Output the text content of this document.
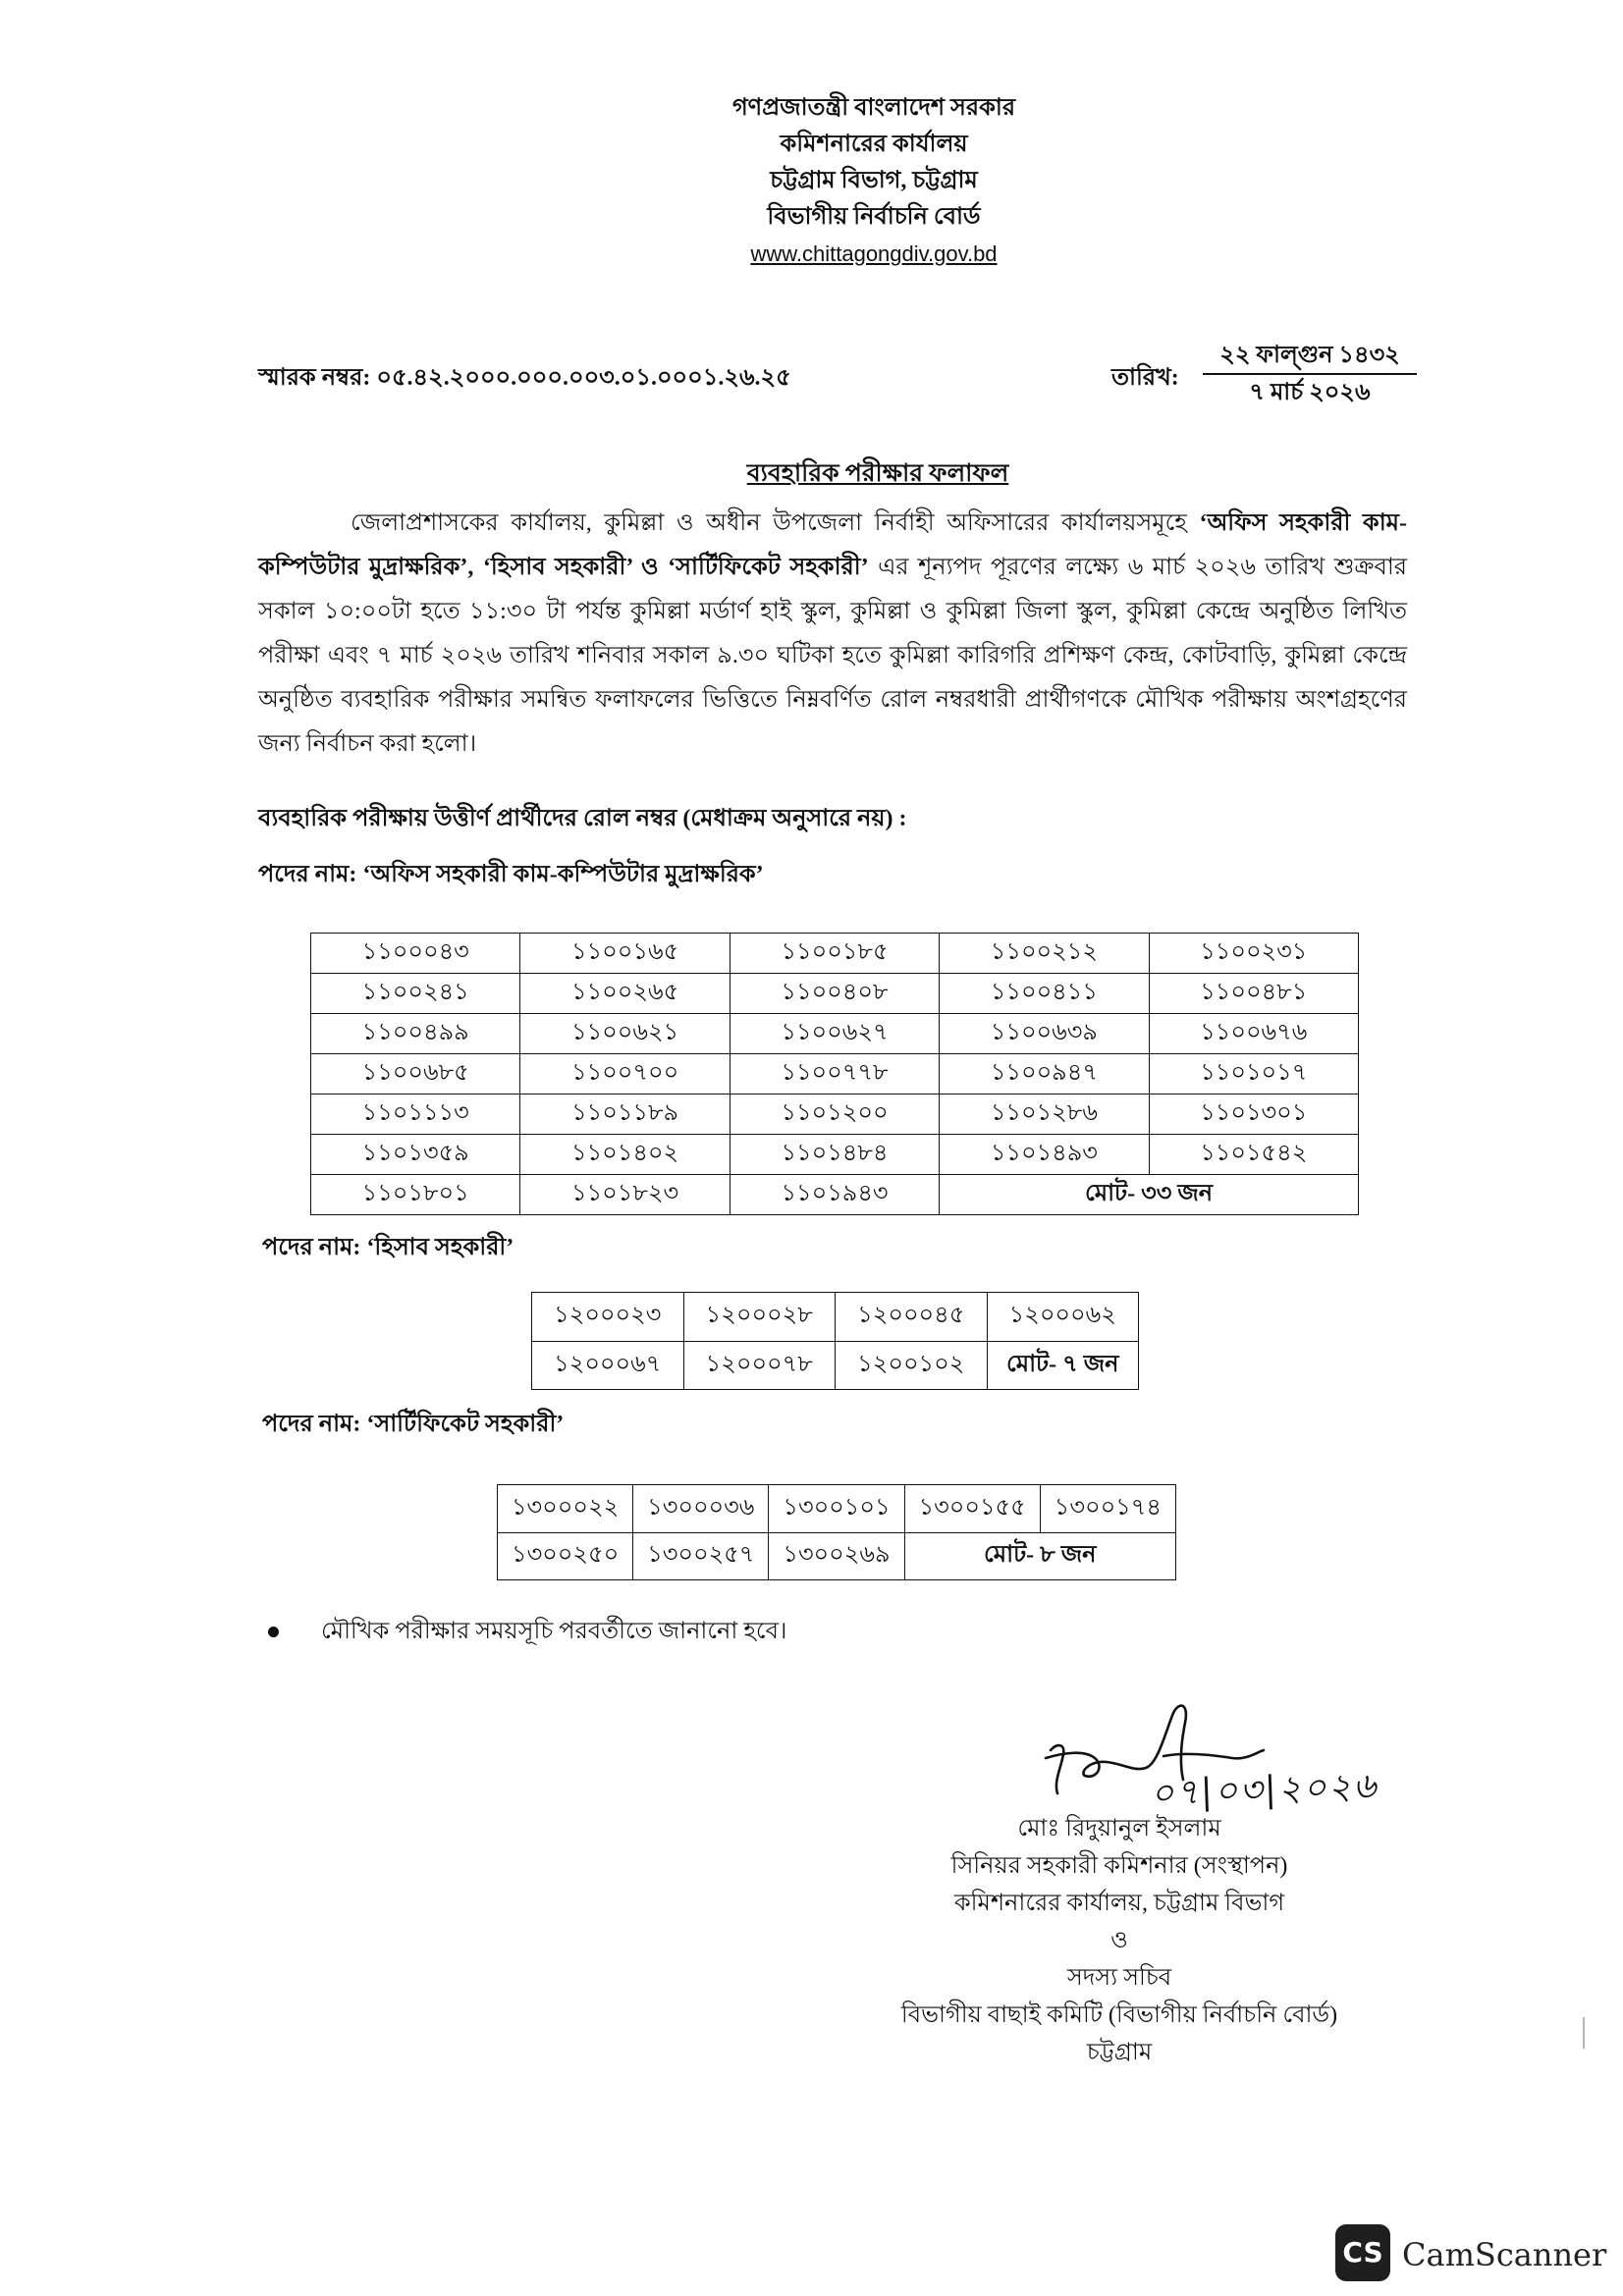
গণপ্রজাতন্ত্রী বাংলাদেশ সরকার
কমিশনারের কার্যালয়
চট্টগ্রাম বিভাগ, চট্টগ্রাম
বিভাগীয় নির্বাচনি বোর্ড
www.chittagongdiv.gov.bd
স্মারক নম্বর: ০৫.৪২.২০০০.০০০.০০৩.০১.০০০১.২৬.২৫	তারিখ:
২২ ফাল্গুন ১৪৩২
৭ মার্চ ২০২৬
ব্যবহারিক পরীক্ষার ফলাফল
জেলাপ্রশাসকের কার্যালয়, কুমিল্লা ও অধীন উপজেলা নির্বাহী অফিসারের কার্যালয়সমূহে ‘অফিস সহকারী কাম-কম্পিউটার মুদ্রাক্ষরিক’, ‘হিসাব সহকারী’ ও ‘সার্টিফিকেট সহকারী’ এর শূন্যপদ পূরণের লক্ষ্যে ৬ মার্চ ২০২৬ তারিখ শুক্রবার সকাল ১০:০০টা হতে ১১:৩০ টা পর্যন্ত কুমিল্লা মর্ডার্ণ হাই স্কুল, কুমিল্লা ও কুমিল্লা জিলা স্কুল, কুমিল্লা কেন্দ্রে অনুষ্ঠিত লিখিত পরীক্ষা এবং ৭ মার্চ ২০২৬ তারিখ শনিবার সকাল ৯.৩০ ঘটিকা হতে কুমিল্লা কারিগরি প্রশিক্ষণ কেন্দ্র, কোটবাড়ি, কুমিল্লা কেন্দ্রে অনুষ্ঠিত ব্যবহারিক পরীক্ষার সমন্বিত ফলাফলের ভিত্তিতে নিম্নবর্ণিত রোল নম্বরধারী প্রার্থীগণকে মৌখিক পরীক্ষায় অংশগ্রহণের জন্য নির্বাচন করা হলো।
ব্যবহারিক পরীক্ষায় উত্তীর্ণ প্রার্থীদের রোল নম্বর (মেধাক্রম অনুসারে নয়) :
পদের নাম: ‘অফিস সহকারী কাম-কম্পিউটার মুদ্রাক্ষরিক’
১১০০০৪৩	১১০০১৬৫	১১০০১৮৫	১১০০২১২	১১০০২৩১
১১০০২৪১	১১০০২৬৫	১১০০৪০৮	১১০০৪১১	১১০০৪৮১
১১০০৪৯৯	১১০০৬২১	১১০০৬২৭	১১০০৬৩৯	১১০০৬৭৬
১১০০৬৮৫	১১০০৭০০	১১০০৭৭৮	১১০০৯৪৭	১১০১০১৭
১১০১১১৩	১১০১১৮৯	১১০১২০০	১১০১২৮৬	১১০১৩০১
১১০১৩৫৯	১১০১৪০২	১১০১৪৮৪	১১০১৪৯৩	১১০১৫৪২
১১০১৮০১	১১০১৮২৩	১১০১৯৪৩	মোট- ৩৩ জন	
পদের নাম: ‘হিসাব সহকারী’
১২০০০২৩	১২০০০২৮	১২০০০৪৫	১২০০০৬২
১২০০০৬৭	১২০০০৭৮	১২০০১০২	মোট- ৭ জন
পদের নাম: ‘সার্টিফিকেট সহকারী’
১৩০০০২২	১৩০০০৩৬	১৩০০১০১	১৩০০১৫৫	১৩০০১৭৪
১৩০০২৫০	১৩০০২৫৭	১৩০০২৬৯	মোট- ৮ জন	
মৌখিক পরীক্ষার সময়সূচি পরবর্তীতে জানানো হবে।
০৭|০৩|২০২৬
মোঃ রিদুয়ানুল ইসলাম
সিনিয়র সহকারী কমিশনার (সংস্থাপন)
কমিশনারের কার্যালয়, চট্টগ্রাম বিভাগ
ও
সদস্য সচিব
বিভাগীয় বাছাই কমিটি (বিভাগীয় নির্বাচনি বোর্ড)
চট্টগ্রাম
CS CamScanner
